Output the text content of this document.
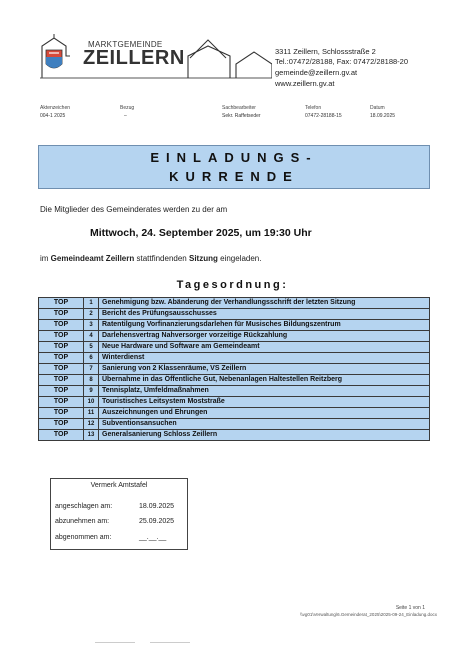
MARKTGEMEINDE
ZEILLERN	3311 Zeillern, Schlossstraße 2
Tel.:07472/28188, Fax: 07472/28188-20
gemeinde@zeillern.gv.at
www.zeillern.gv.at
Aktenzeichen
004-1 2025
Bezug
–
Sachbearbeiter
Sekr. Raffetseder
Telefon
07472-28188-15
Datum
18.09.2025
EINLADUNGS-
KURRENDE
Die Mitglieder des Gemeinderates werden zu der am
Mittwoch, 24. September 2025, um 19:30 Uhr
im Gemeindeamt Zeillern stattfindenden Sitzung eingeladen.
Tagesordnung:
TOP	1	Genehmigung bzw. Abänderung der Verhandlungsschrift der letzten Sitzung
TOP	2	Bericht des Prüfungsausschusses
TOP	3	Ratentilgung Vorfinanzierungsdarlehen für Musisches Bildungszentrum
TOP	4	Darlehensvertrag Nahversorger vorzeitige Rückzahlung
TOP	5	Neue Hardware und Software am Gemeindeamt
TOP	6	Winterdienst
TOP	7	Sanierung von 2 Klassenräume, VS Zeillern
TOP	8	Übernahme in das Öffentliche Gut, Nebenanlagen Haltestellen Reitzberg
TOP	9	Tennisplatz, Umfeldmaßnahmen
TOP	10	Touristisches Leitsystem Moststraße
TOP	11	Auszeichnungen und Ehrungen
TOP	12	Subventionsansuchen
TOP	13	Generalsanierung Schloss Zeillern
Vermerk Amtstafel
angeschlagen am:	18.09.2025
abzunehmen am:	25.09.2025
abgenommen am:	__.__.__
Seite 1 von 1
\\vg01\Verwaltung\6.Gemeinderat_2025\2025-09-24_Einladung.docx
